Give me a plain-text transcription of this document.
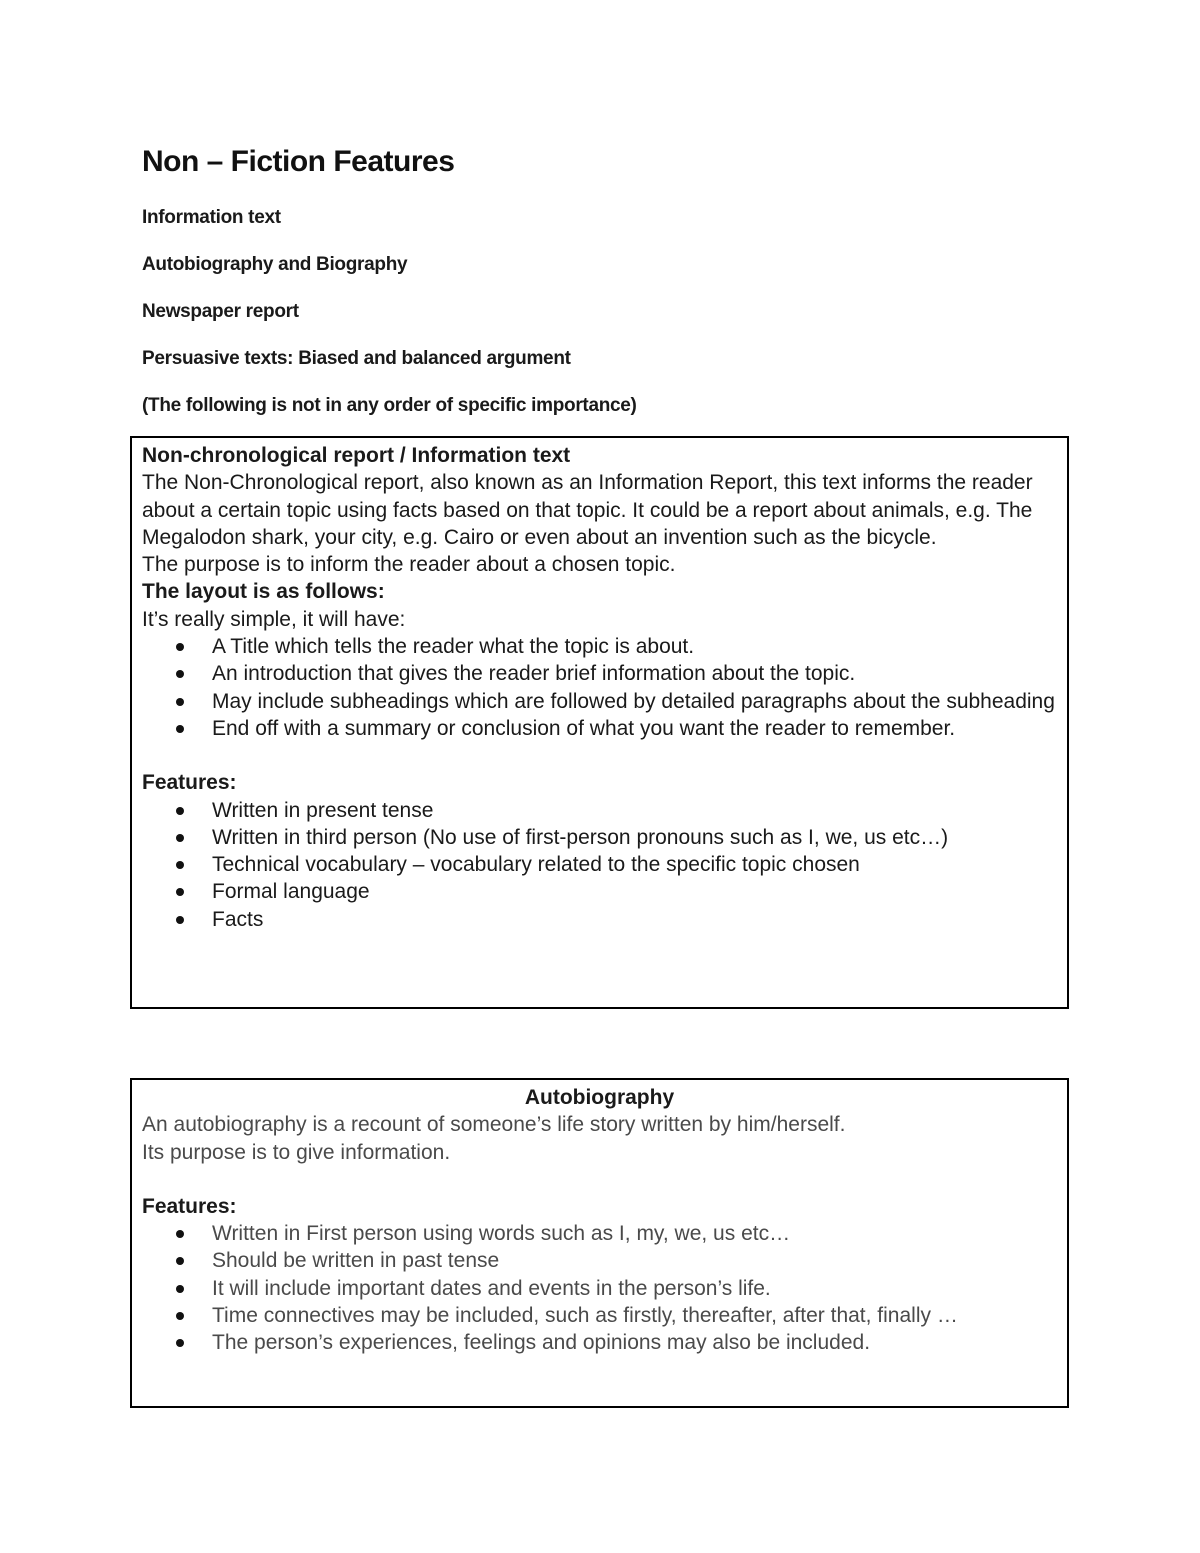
Non – Fiction Features
Information text
Autobiography and Biography
Newspaper report
Persuasive texts: Biased and balanced argument
(The following is not in any order of specific importance)

Non-chronological report / Information text

The Non-Chronological report, also known as an Information Report, this text informs the reader about a certain topic using facts based on that topic. It could be a report about animals, e.g. The Megalodon shark, your city, e.g. Cairo or even about an invention such as the bicycle.

The purpose is to inform the reader about a chosen topic.

The layout is as follows:

It’s really simple, it will have:

A Title which tells the reader what the topic is about.
An introduction that gives the reader brief information about the topic.
May include subheadings which are followed by detailed paragraphs about the subheading
End off with a summary or conclusion of what you want the reader to remember.

Features:

Written in present tense
Written in third person (No use of first-person pronouns such as I, we, us etc…)
Technical vocabulary – vocabulary related to the specific topic chosen
Formal language
Facts

Autobiography

An autobiography is a recount of someone’s life story written by him/herself.

Its purpose is to give information.

Features:

Written in First person using words such as I, my, we, us etc…
Should be written in past tense
It will include important dates and events in the person’s life.
Time connectives may be included, such as firstly, thereafter, after that, finally …
The person’s experiences, feelings and opinions may also be included.
